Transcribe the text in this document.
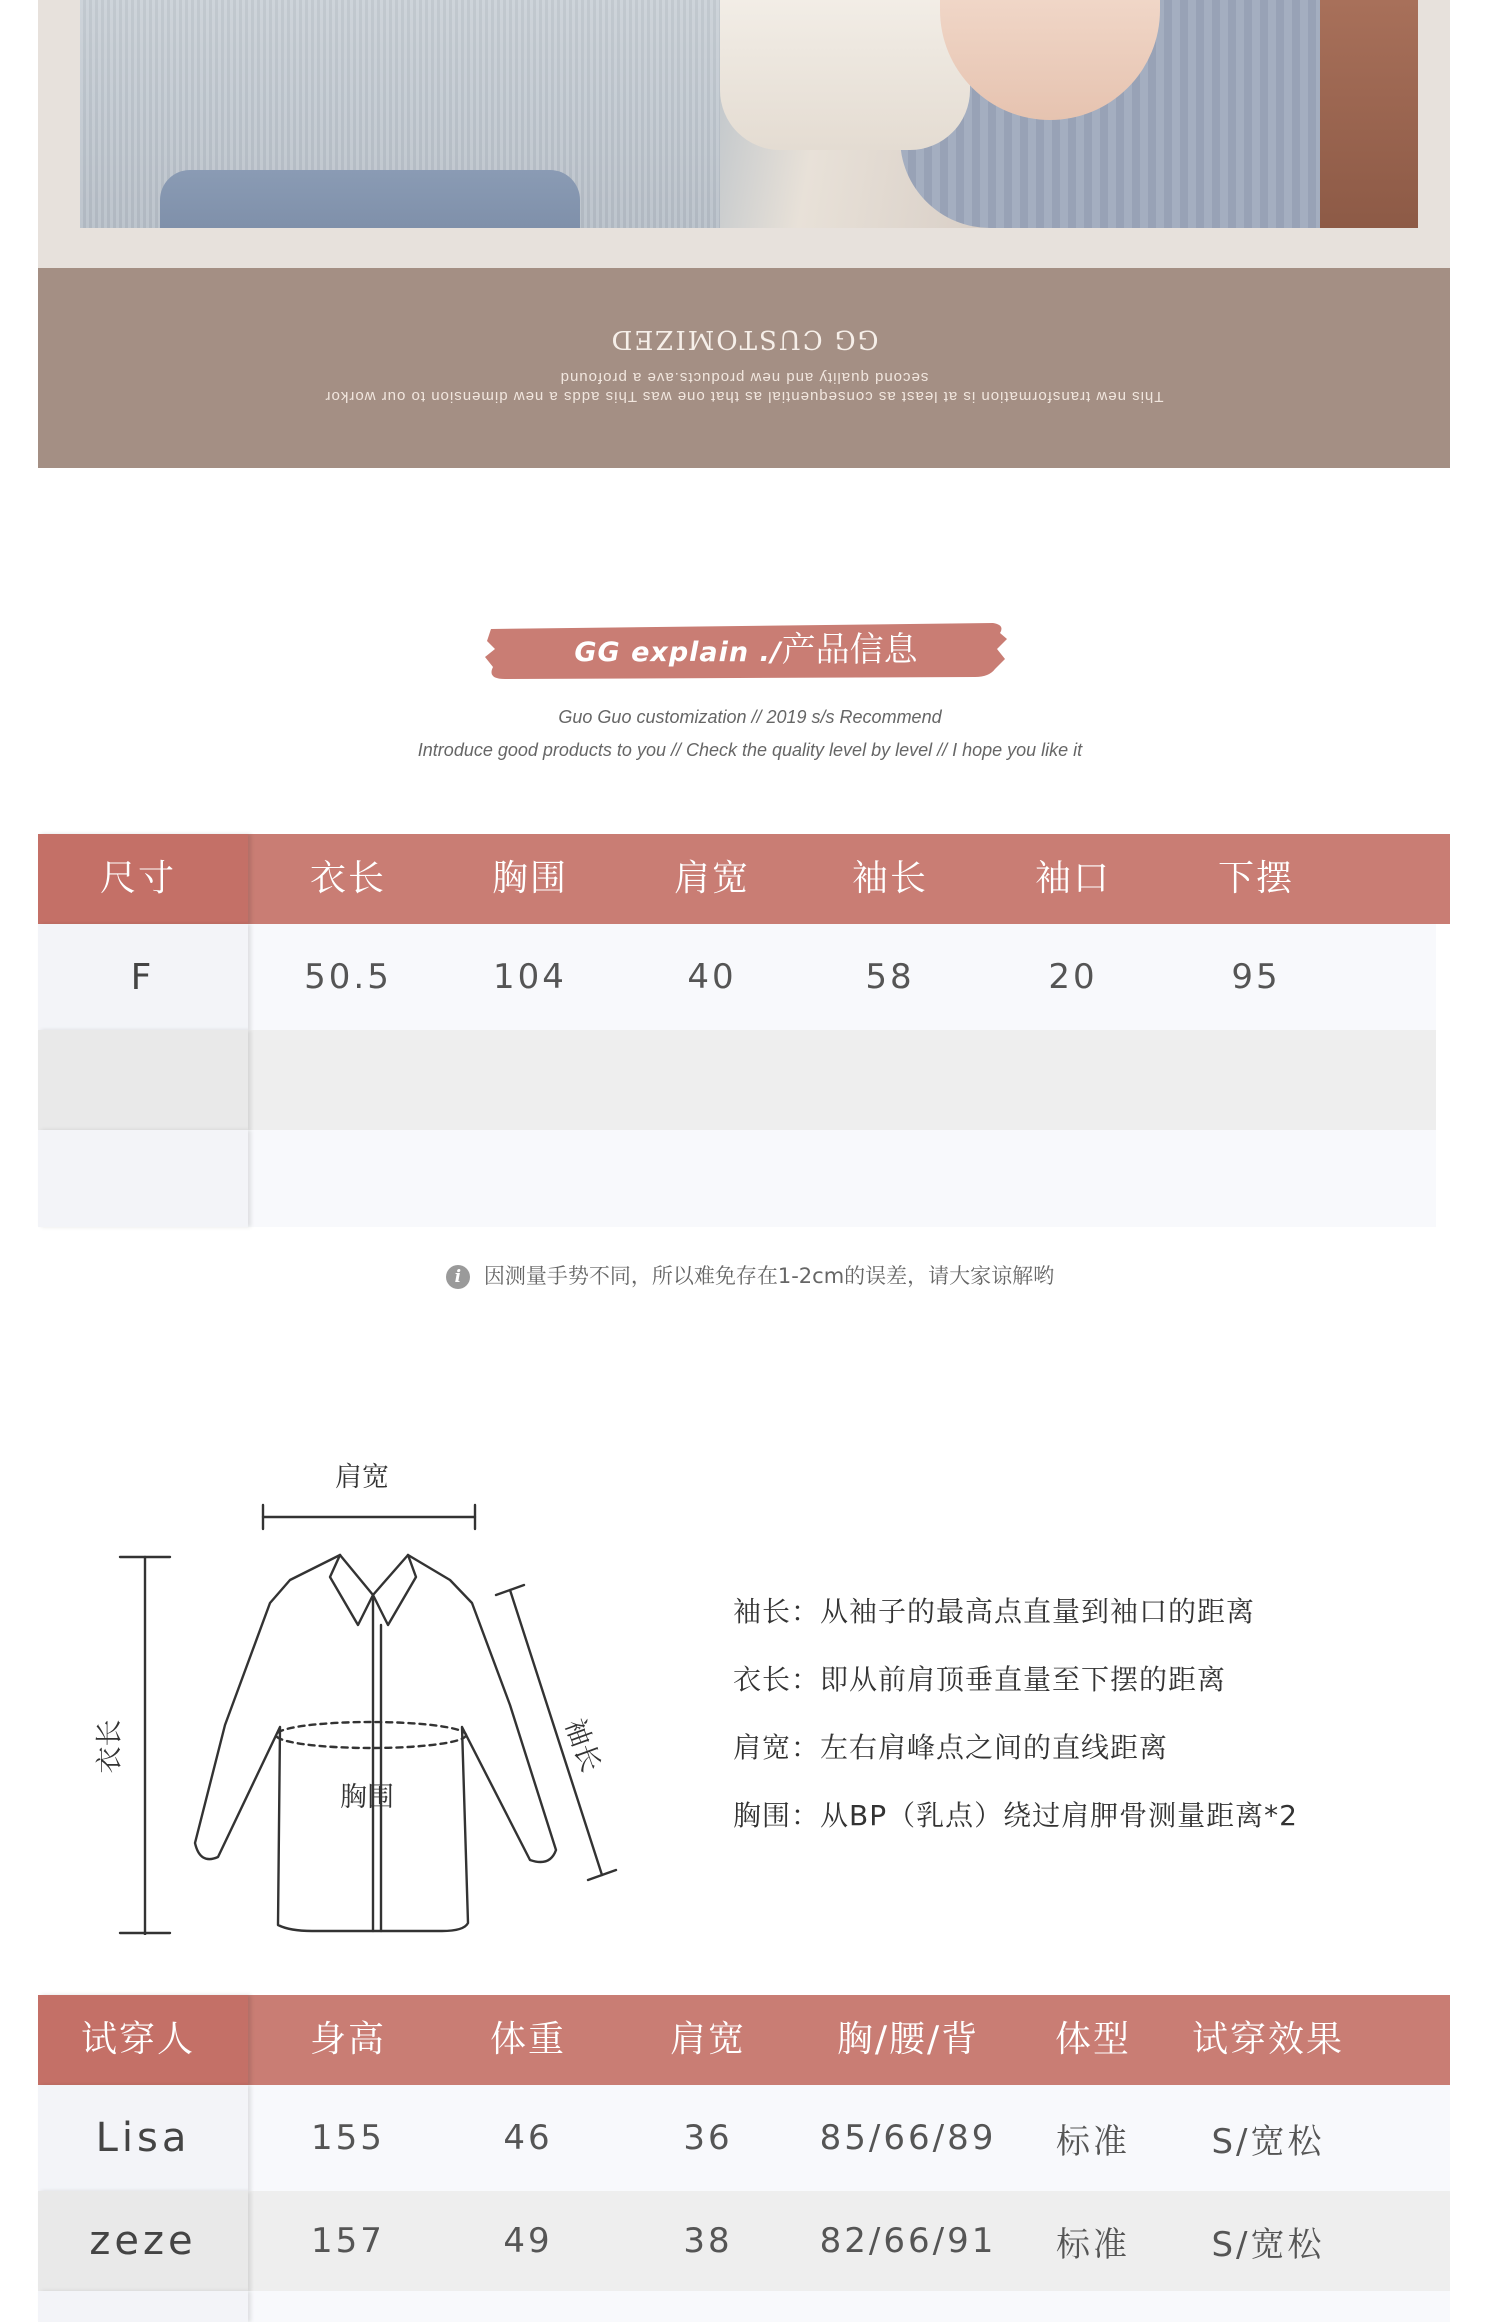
GG CUSTOMIZED
This new transformation is at least as consequential as that one was This adds a new dimension to our workor
second quality and new products.ave a profound
GG explain ./产品信息
Guo Guo customization // 2019 s/s Recommend
Introduce good products to you // Check the quality level by level // I hope you like it
尺寸	衣长	胸围	肩宽	袖长	袖口	下摆
F	50.5	104	40	58	20	95
i 因测量手势不同，所以难免存在1-2cm的误差，请大家谅解哟
肩宽
衣长	袖长
胸围
袖长：从袖子的最高点直量到袖口的距离
衣长：即从前肩顶垂直量至下摆的距离
肩宽：左右肩峰点之间的直线距离
胸围：从BP（乳点）绕过肩胛骨测量距离*2
试穿人	身高	体重	肩宽	胸/腰/背	体型	试穿效果
Lisa	155	46	36	85/66/89	标准	S/宽松
zeze	157	49	38	82/66/91	标准	S/宽松
